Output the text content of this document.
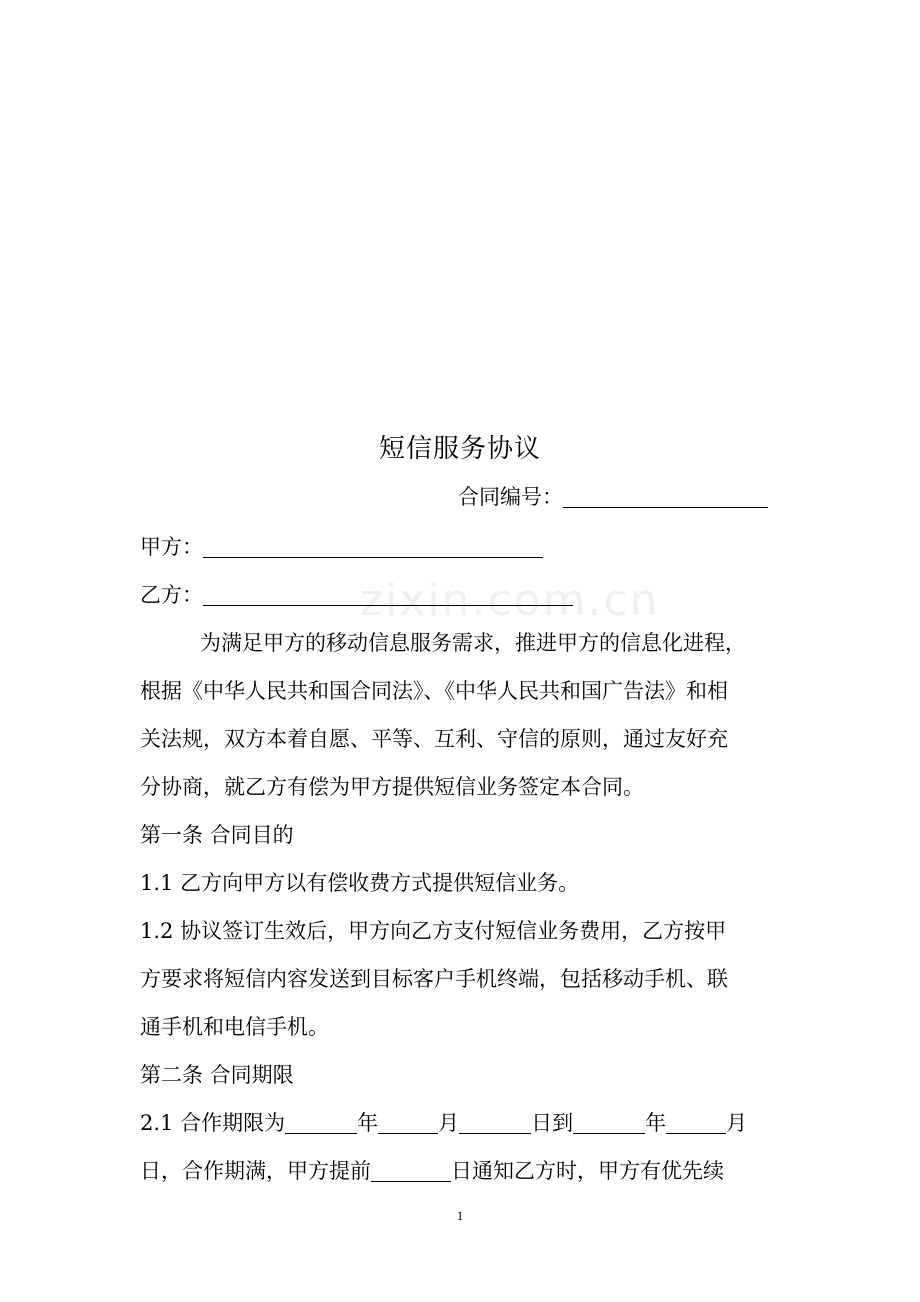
zixin.com.cn
短信服务协议
合同编号：
甲方：
乙方：
为满足甲方的移动信息服务需求，推进甲方的信息化进程，
根据《中华人民共和国合同法》、《中华人民共和国广告法》和相
关法规，双方本着自愿、平等、互利、守信的原则，通过友好充
分协商，就乙方有偿为甲方提供短信业务签定本合同。
第一条 合同目的
1.1 乙方向甲方以有偿收费方式提供短信业务。
1.2 协议签订生效后，甲方向乙方支付短信业务费用，乙方按甲
方要求将短信内容发送到目标客户手机终端，包括移动手机、联
通手机和电信手机。
第二条 合同期限
2.1 合作期限为	年	月	日到	年	月
日，合作期满，甲方提前	日通知乙方时，甲方有优先续
1
